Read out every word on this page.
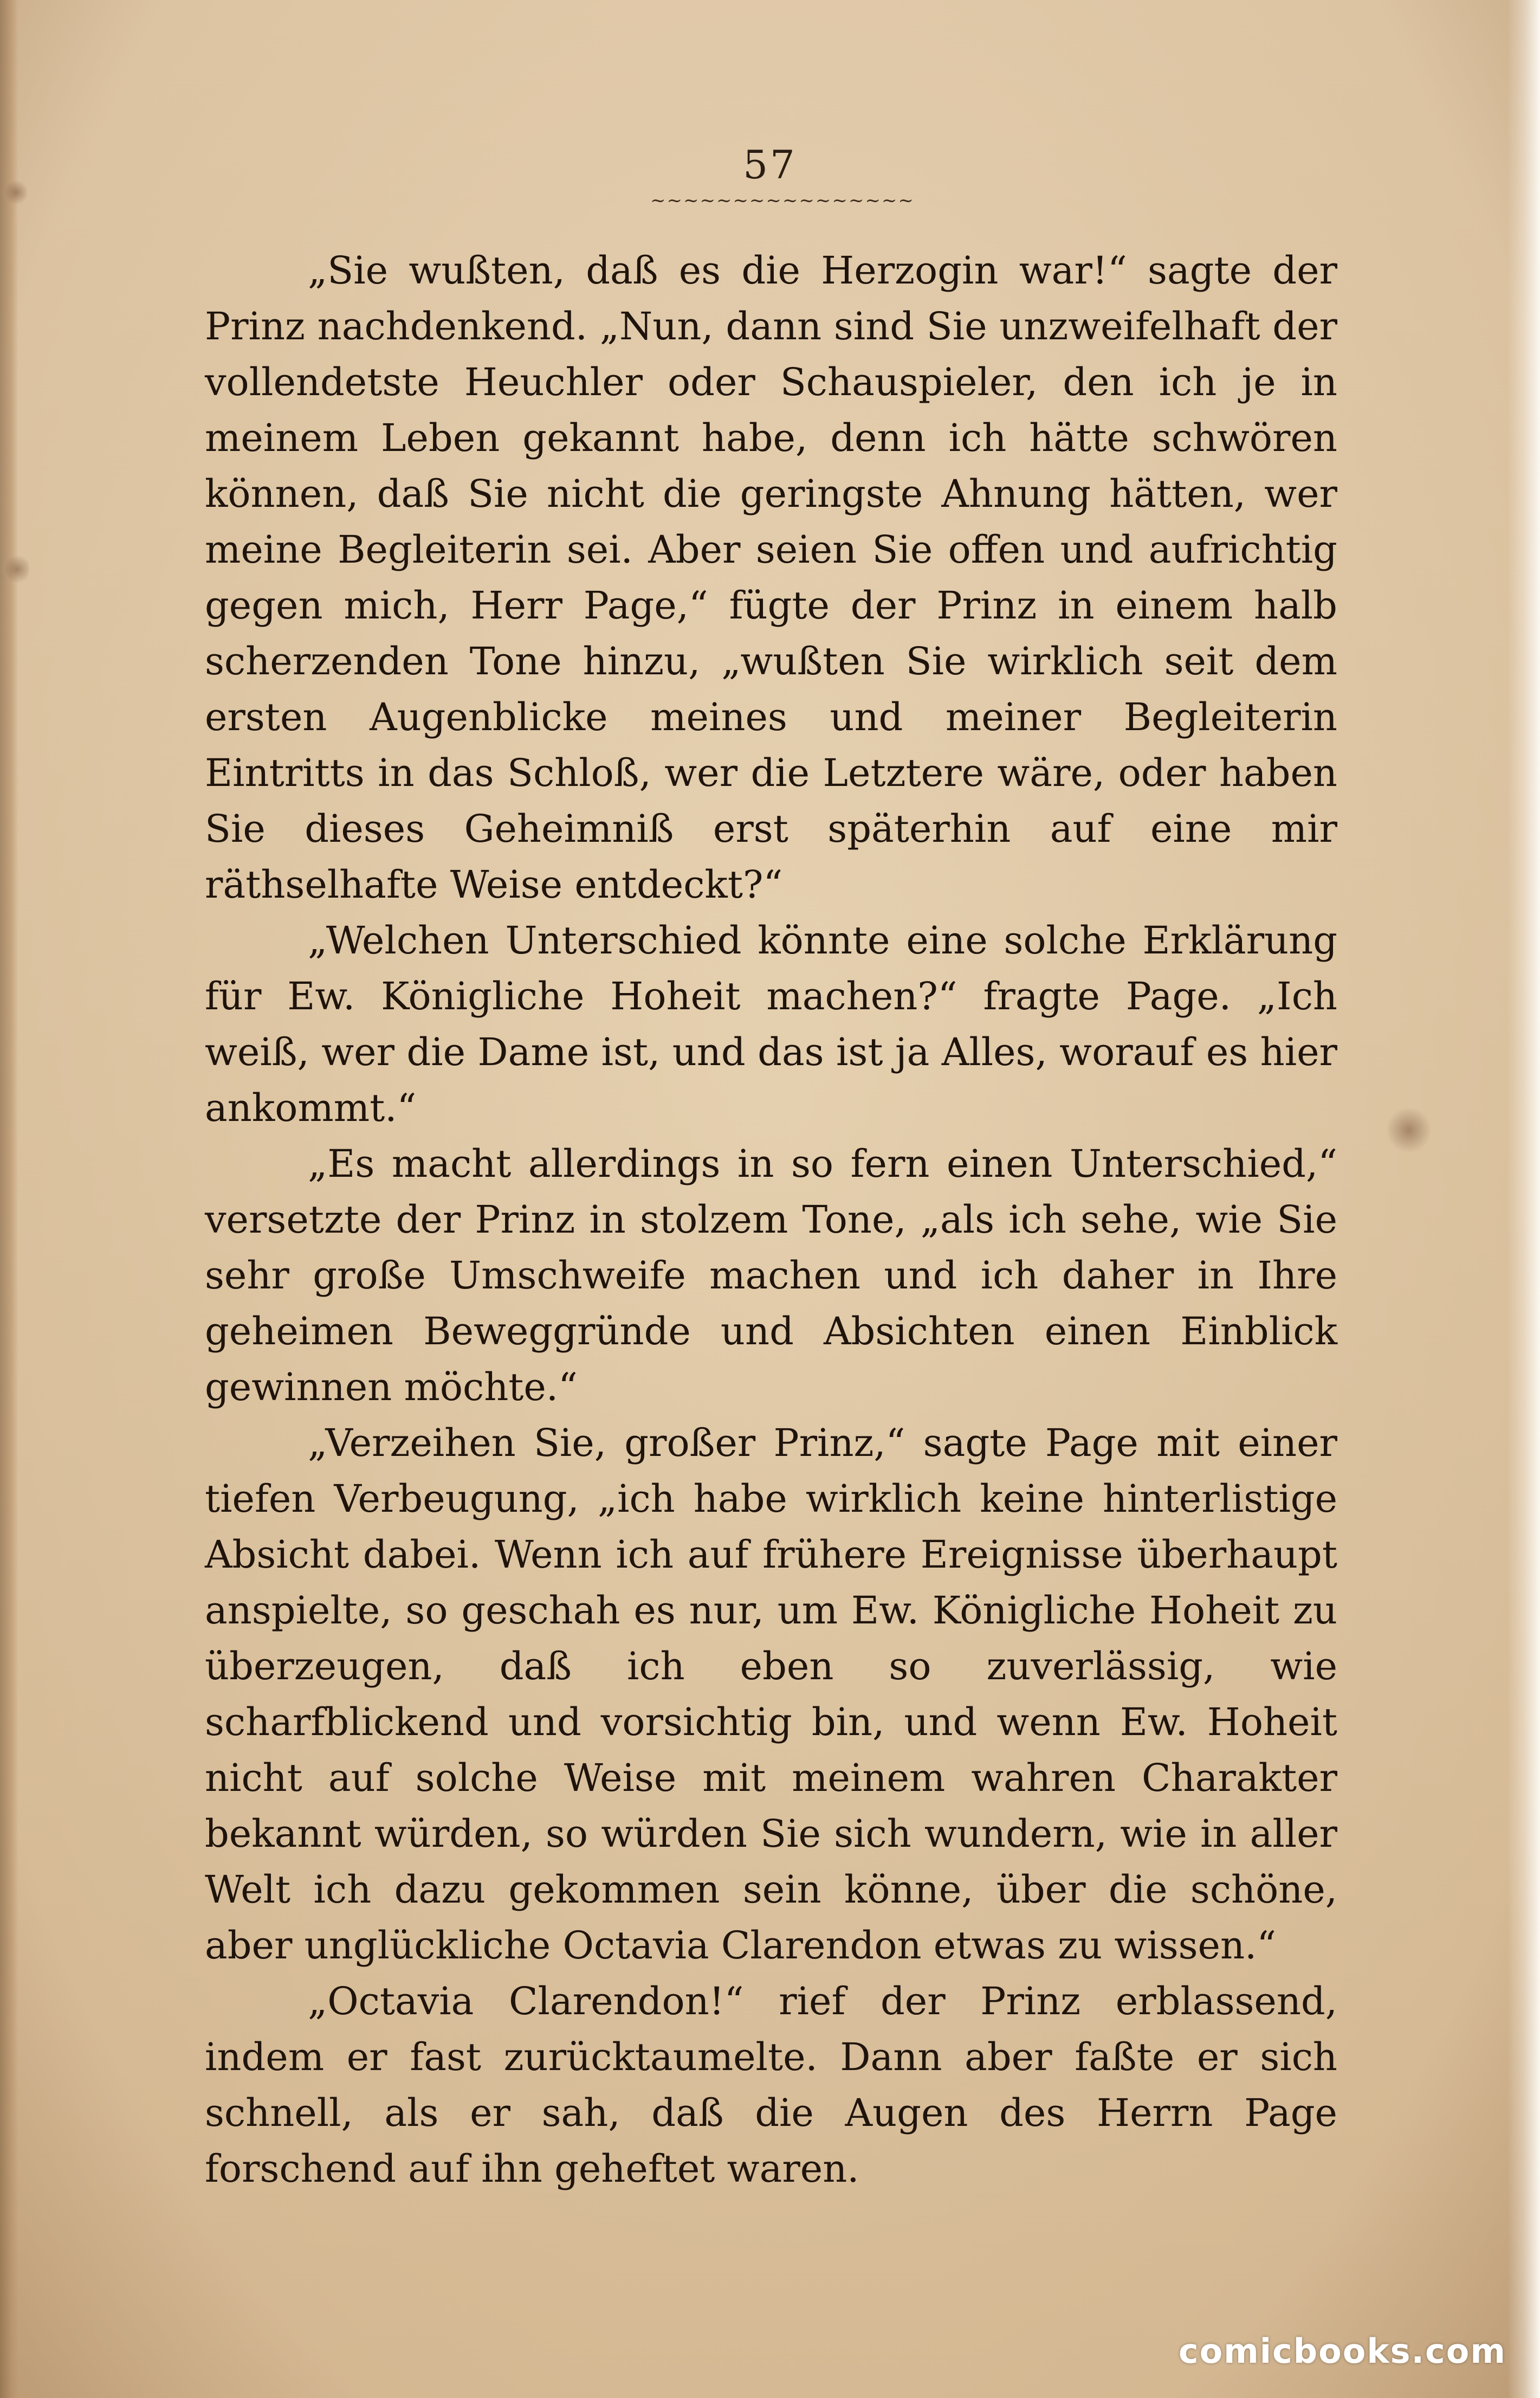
57
~~~~~~~~~~~~~~~~

„Sie wußten, daß es die Herzogin war!“ sagte der Prinz nachdenkend. „Nun, dann sind Sie unzweifelhaft der vollendetste Heuchler oder Schauspieler, den ich je in meinem Leben gekannt habe, denn ich hätte schwören können, daß Sie nicht die geringste Ahnung hätten, wer meine Begleiterin sei. Aber seien Sie offen und aufrichtig gegen mich, Herr Page,“ fügte der Prinz in einem halb scherzenden Tone hinzu, „wußten Sie wirklich seit dem ersten Augenblicke meines und meiner Begleiterin Eintritts in das Schloß, wer die Letztere wäre, oder haben Sie dieses Geheimniß erst späterhin auf eine mir räthselhafte Weise entdeckt?“

„Welchen Unterschied könnte eine solche Erklärung für Ew. Königliche Hoheit machen?“ fragte Page. „Ich weiß, wer die Dame ist, und das ist ja Alles, worauf es hier ankommt.“

„Es macht allerdings in so fern einen Unterschied,“ versetzte der Prinz in stolzem Tone, „als ich sehe, wie Sie sehr große Umschweife machen und ich daher in Ihre geheimen Beweggründe und Absichten einen Einblick gewinnen möchte.“

„Verzeihen Sie, großer Prinz,“ sagte Page mit einer tiefen Verbeugung, „ich habe wirklich keine hinterlistige Absicht dabei. Wenn ich auf frühere Ereignisse überhaupt anspielte, so geschah es nur, um Ew. Königliche Hoheit zu überzeugen, daß ich eben so zuverlässig, wie scharfblickend und vorsichtig bin, und wenn Ew. Hoheit nicht auf solche Weise mit meinem wahren Charakter bekannt würden, so würden Sie sich wundern, wie in aller Welt ich dazu gekommen sein könne, über die schöne, aber unglückliche Octavia Clarendon etwas zu wissen.“

„Octavia Clarendon!“ rief der Prinz erblassend, indem er fast zurücktaumelte. Dann aber faßte er sich schnell, als er sah, daß die Augen des Herrn Page forschend auf ihn geheftet waren.

comicbooks.com
